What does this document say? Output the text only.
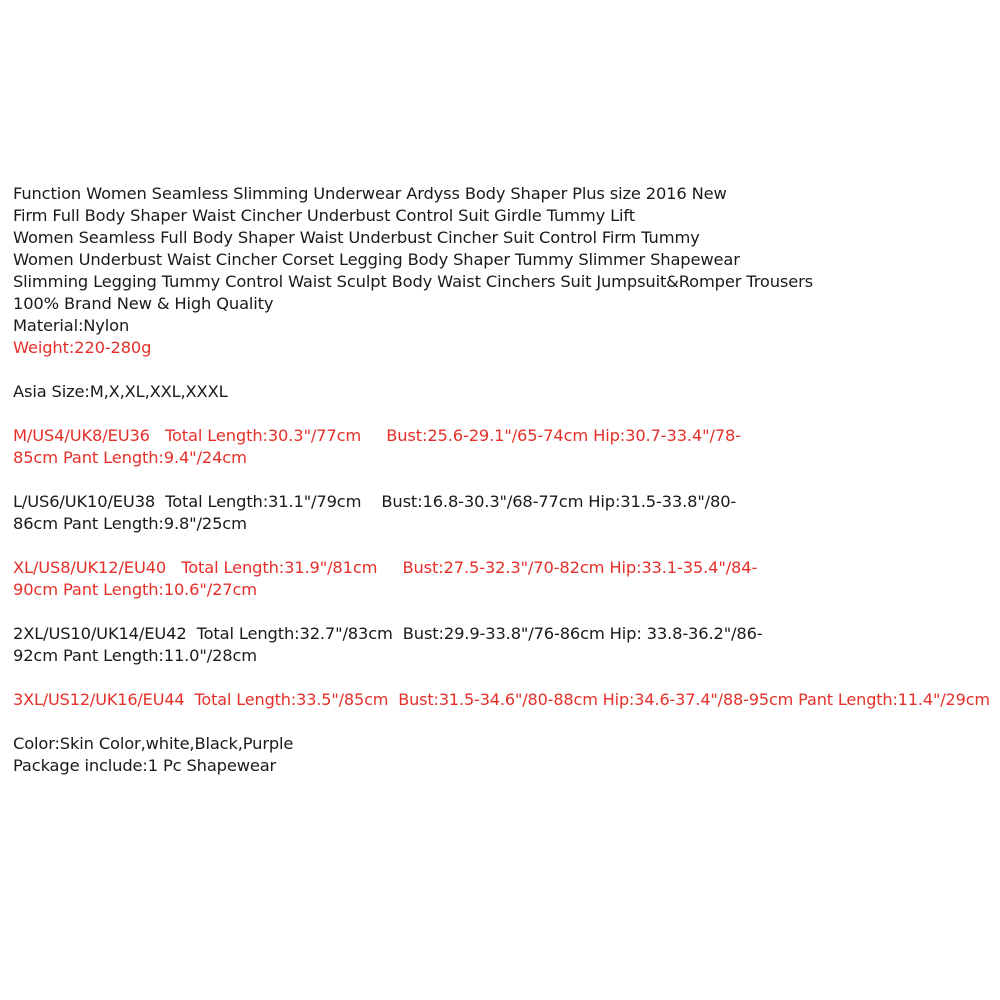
Function Women Seamless Slimming Underwear Ardyss Body Shaper Plus size 2016 New
Firm Full Body Shaper Waist Cincher Underbust Control Suit Girdle Tummy Lift
Women Seamless Full Body Shaper Waist Underbust Cincher Suit Control Firm Tummy
Women Underbust Waist Cincher Corset Legging Body Shaper Tummy Slimmer Shapewear
Slimming Legging Tummy Control Waist Sculpt Body Waist Cinchers Suit Jumpsuit&Romper Trousers
100% Brand New & High Quality
Material:Nylon
Weight:220-280g
Asia Size:M,X,XL,XXL,XXXL
M/US4/UK8/EU36   Total Length:30.3"/77cm     Bust:25.6-29.1"/65-74cm Hip:30.7-33.4"/78-
85cm Pant Length:9.4"/24cm
L/US6/UK10/EU38  Total Length:31.1"/79cm    Bust:16.8-30.3"/68-77cm Hip:31.5-33.8"/80-
86cm Pant Length:9.8"/25cm
XL/US8/UK12/EU40   Total Length:31.9"/81cm     Bust:27.5-32.3"/70-82cm Hip:33.1-35.4"/84-
90cm Pant Length:10.6"/27cm
2XL/US10/UK14/EU42  Total Length:32.7"/83cm  Bust:29.9-33.8"/76-86cm Hip: 33.8-36.2"/86-
92cm Pant Length:11.0"/28cm
3XL/US12/UK16/EU44  Total Length:33.5"/85cm  Bust:31.5-34.6"/80-88cm Hip:34.6-37.4"/88-95cm Pant Length:11.4"/29cm
Color:Skin Color,white,Black,Purple
Package include:1 Pc Shapewear
